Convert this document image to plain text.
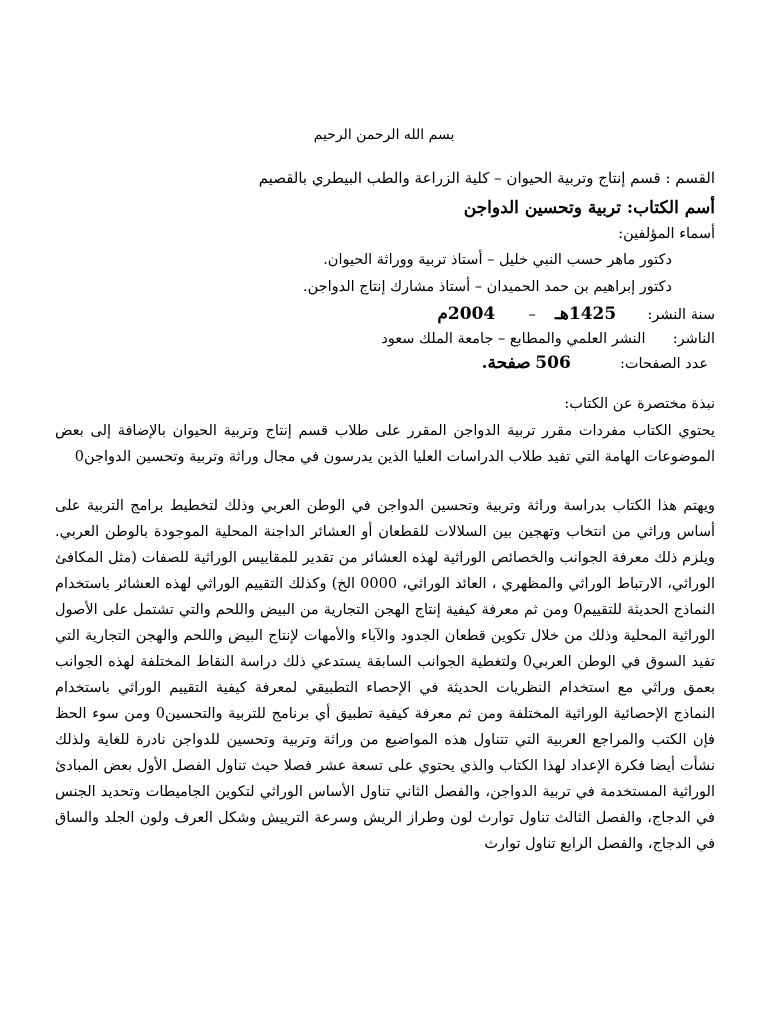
بسم الله الرحمن الرحيم
القسم : قسم إنتاج وتربية الحيوان – كلية الزراعة والطب البيطري بالقصيم
أسم الكتاب: تربية وتحسين الدواجن
أسماء المؤلفين:
دكتور ماهر حسب النبي خليل – أستاذ تربية ووراثة الحيوان.
دكتور إبراهيم بن حمد الحميدان – أستاذ مشارك إنتاج الدواجن.
سنة النشر:  1425هـ  –  2004م
الناشر:  النشر العلمي والمطابع – جامعة الملك سعود
عدد الصفحات:  506 صفحة.
نبذة مختصرة عن الكتاب:
يحتوي الكتاب مفردات مقرر تربية الدواجن المقرر على طلاب قسم إنتاج وتربية الحيوان بالإضافة إلى بعض الموضوعات الهامة التي تفيد طلاب الدراسات العليا الذين يدرسون في مجال وراثة وتربية وتحسين الدواجن0
ويهتم هذا الكتاب بدراسة وراثة وتربية وتحسين الدواجن في الوطن العربي وذلك لتخطيط برامج التربية على أساس وراثي من انتخاب وتهجين بين السلالات للقطعان أو العشائر الداجنة المحلية الموجودة بالوطن العربي. ويلزم ذلك معرفة الجوانب والخصائص الوراثية لهذه العشائر من تقدير للمقاييس الوراثية للصفات (مثل المكافئ الوراثي، الارتباط الوراثي والمظهري ، العائد الوراثي، 0000 الخ) وكذلك التقييم الوراثي لهذه العشائر باستخدام النماذج الحديثة للتقييم0 ومن ثم معرفة كيفية إنتاج الهجن التجارية من البيض واللحم والتي تشتمل على الأصول الوراثية المحلية وذلك من خلال تكوين قطعان الجدود والآباء والأمهات لإنتاج البيض واللحم والهجن التجارية التي تفيد السوق في الوطن العربي0 ولتغطية الجوانب السابقة يستدعي ذلك دراسة النقاط المختلفة لهذه الجوانب بعمق وراثي مع استخدام النظريات الحديثة في الإحصاء التطبيقي لمعرفة كيفية التقييم الوراثي باستخدام النماذج الإحصائية الوراثية المختلفة ومن ثم معرفة كيفية تطبيق أي برنامج للتربية والتحسين0 ومن سوء الحظ فإن الكتب والمراجع العربية التي تتناول هذه المواضيع من وراثة وتربية وتحسين للدواجن نادرة للغاية ولذلك نشأت أيضا فكرة الإعداد لهذا الكتاب والذي يحتوي على تسعة عشر فصلا حيث تناول الفصل الأول بعض المبادئ الوراثية المستخدمة في تربية الدواجن، والفصل الثاني تناول الأساس الوراثي لتكوين الجاميطات وتحديد الجنس في الدجاج، والفصل الثالث تناول توارث لون وطراز الريش وسرعة الترييش وشكل العرف ولون الجلد والساق في الدجاج، والفصل الرابع تناول توارث
